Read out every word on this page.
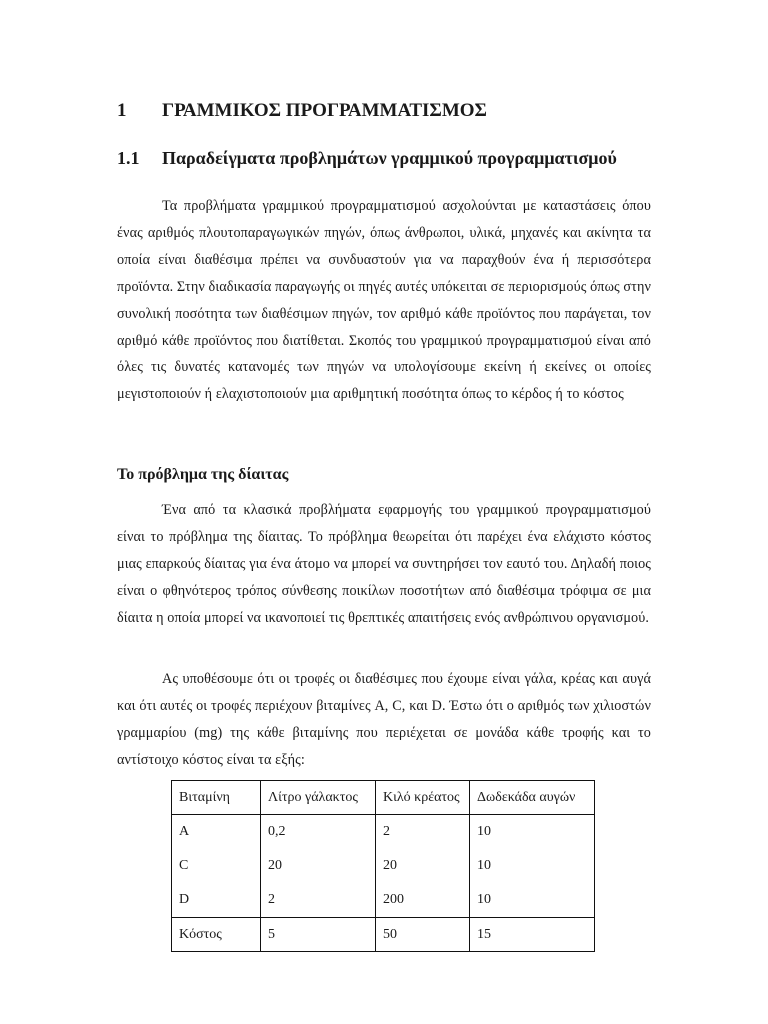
1 ΓΡΑΜΜΙΚΟΣ ΠΡΟΓΡΑΜΜΑΤΙΣΜΟΣ
1.1 Παραδείγματα προβλημάτων γραμμικού προγραμματισμού
Τα προβλήματα γραμμικού προγραμματισμού ασχολούνται με καταστάσεις όπου ένας αριθμός πλουτοπαραγωγικών πηγών, όπως άνθρωποι, υλικά, μηχανές και ακίνητα τα οποία είναι διαθέσιμα πρέπει να συνδυαστούν για να παραχθούν ένα ή περισσότερα προϊόντα. Στην διαδικασία παραγωγής οι πηγές αυτές υπόκειται σε περιορισμούς όπως στην συνολική ποσότητα των διαθέσιμων πηγών, τον αριθμό κάθε προϊόντος που παράγεται, τον αριθμό κάθε προϊόντος που διατίθεται. Σκοπός του γραμμικού προγραμματισμού είναι από όλες τις δυνατές κατανομές των πηγών να υπολογίσουμε εκείνη ή εκείνες οι οποίες μεγιστοποιούν ή ελαχιστοποιούν μια αριθμητική ποσότητα όπως το κέρδος ή το κόστος
Το πρόβλημα της δίαιτας
Ένα από τα κλασικά προβλήματα εφαρμογής του γραμμικού προγραμματισμού είναι το πρόβλημα της δίαιτας. Το πρόβλημα θεωρείται ότι παρέχει ένα ελάχιστο κόστος μιας επαρκούς δίαιτας για ένα άτομο να μπορεί να συντηρήσει τον εαυτό του. Δηλαδή ποιος είναι ο φθηνότερος τρόπος σύνθεσης ποικίλων ποσοτήτων από διαθέσιμα τρόφιμα σε μια δίαιτα η οποία μπορεί να ικανοποιεί τις θρεπτικές απαιτήσεις ενός ανθρώπινου οργανισμού.
Ας υποθέσουμε ότι οι τροφές οι διαθέσιμες που έχουμε είναι γάλα, κρέας και αυγά και ότι αυτές οι τροφές περιέχουν βιταμίνες A, C, και D. Έστω ότι ο αριθμός των χιλιοστών γραμμαρίου (mg) της κάθε βιταμίνης που περιέχεται σε μονάδα κάθε τροφής και το αντίστοιχο κόστος είναι τα εξής:
Βιταμίνη	Λίτρο γάλακτος	Κιλό κρέατος	Δωδεκάδα αυγών
A	0,2	2	10
C	20	20	10
D	2	200	10
Κόστος	5	50	15
